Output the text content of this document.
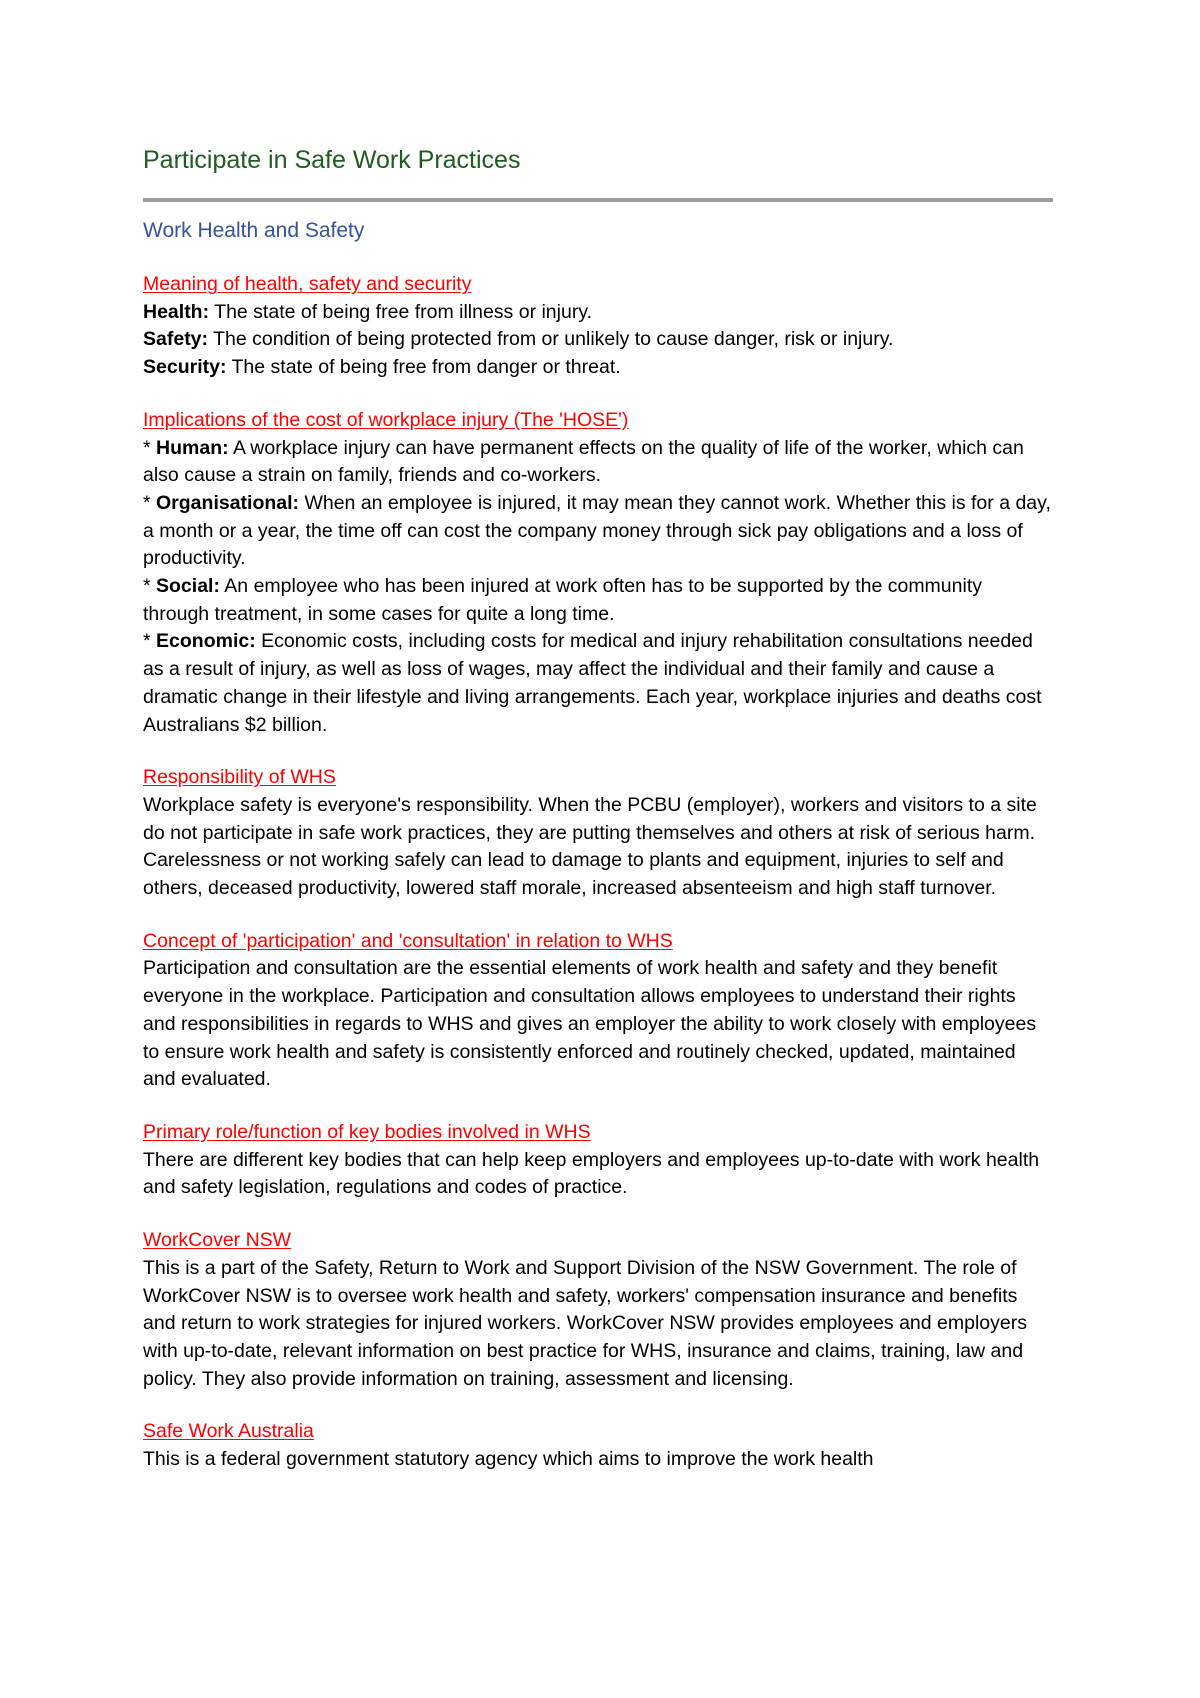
Participate in Safe Work Practices
Work Health and Safety
Meaning of health, safety and security
Health: The state of being free from illness or injury.
Safety: The condition of being protected from or unlikely to cause danger, risk or injury.
Security: The state of being free from danger or threat.
Implications of the cost of workplace injury (The 'HOSE')
* Human: A workplace injury can have permanent effects on the quality of life of the worker, which can also cause a strain on family, friends and co-workers.
* Organisational: When an employee is injured, it may mean they cannot work. Whether this is for a day, a month or a year, the time off can cost the company money through sick pay obligations and a loss of productivity.
* Social: An employee who has been injured at work often has to be supported by the community through treatment, in some cases for quite a long time.
* Economic: Economic costs, including costs for medical and injury rehabilitation consultations needed as a result of injury, as well as loss of wages, may affect the individual and their family and cause a dramatic change in their lifestyle and living arrangements. Each year, workplace injuries and deaths cost Australians $2 billion.
Responsibility of WHS
Workplace safety is everyone's responsibility. When the PCBU (employer), workers and visitors to a site do not participate in safe work practices, they are putting themselves and others at risk of serious harm. Carelessness or not working safely can lead to damage to plants and equipment, injuries to self and others, deceased productivity, lowered staff morale, increased absenteeism and high staff turnover.
Concept of 'participation' and 'consultation' in relation to WHS
Participation and consultation are the essential elements of work health and safety and they benefit everyone in the workplace. Participation and consultation allows employees to understand their rights and responsibilities in regards to WHS and gives an employer the ability to work closely with employees to ensure work health and safety is consistently enforced and routinely checked, updated, maintained and evaluated.
Primary role/function of key bodies involved in WHS
There are different key bodies that can help keep employers and employees up-to-date with work health and safety legislation, regulations and codes of practice.
WorkCover NSW
This is a part of the Safety, Return to Work and Support Division of the NSW Government. The role of WorkCover NSW is to oversee work health and safety, workers' compensation insurance and benefits and return to work strategies for injured workers. WorkCover NSW provides employees and employers with up-to-date, relevant information on best practice for WHS, insurance and claims, training, law and policy. They also provide information on training, assessment and licensing.
Safe Work Australia
This is a federal government statutory agency which aims to improve the work health
